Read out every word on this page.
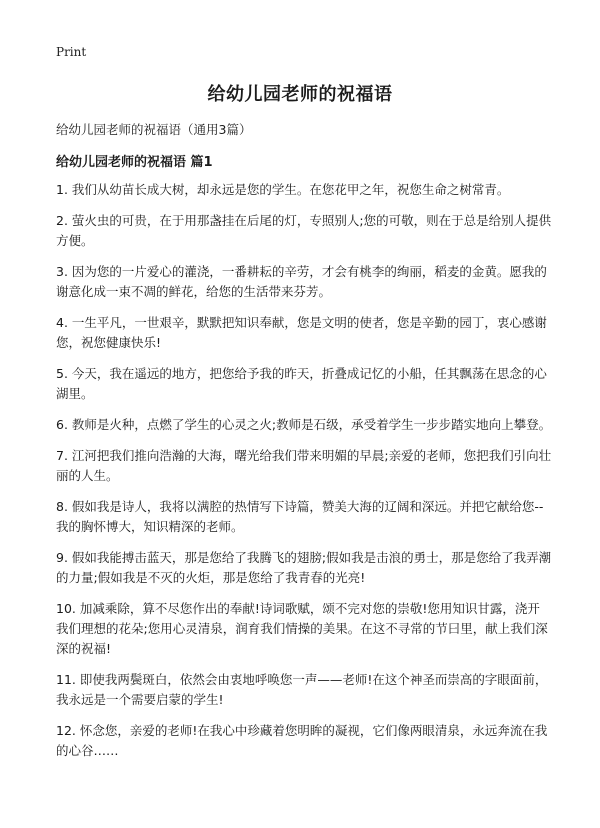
Print
给幼儿园老师的祝福语

给幼儿园老师的祝福语（通用3篇）

给幼儿园老师的祝福语 篇1
1. 我们从幼苗长成大树，却永远是您的学生。在您花甲之年，祝您生命之树常青。
2. 萤火虫的可贵，在于用那盏挂在后尾的灯，专照别人;您的可敬，则在于总是给别人提供方便。
3. 因为您的一片爱心的灌浇，一番耕耘的辛劳，才会有桃李的绚丽，稻麦的金黄。愿我的谢意化成一束不凋的鲜花，给您的生活带来芬芳。
4. 一生平凡，一世艰辛，默默把知识奉献，您是文明的使者，您是辛勤的园丁，衷心感谢您，祝您健康快乐!
5. 今天，我在遥远的地方，把您给予我的昨天，折叠成记忆的小船，任其飘荡在思念的心湖里。
6. 教师是火种，点燃了学生的心灵之火;教师是石级，承受着学生一步步踏实地向上攀登。
7. 江河把我们推向浩瀚的大海，曙光给我们带来明媚的早晨;亲爱的老师，您把我们引向壮丽的人生。
8. 假如我是诗人，我将以满腔的热情写下诗篇，赞美大海的辽阔和深远。并把它献给您--我的胸怀博大，知识精深的老师。
9. 假如我能搏击蓝天，那是您给了我腾飞的翅膀;假如我是击浪的勇士，那是您给了我弄潮的力量;假如我是不灭的火炬，那是您给了我青春的光亮!
10. 加减乘除，算不尽您作出的奉献!诗词歌赋，颂不完对您的崇敬!您用知识甘露，浇开我们理想的花朵;您用心灵清泉，润育我们情操的美果。在这不寻常的节曰里，献上我们深深的祝福!
11. 即使我两鬓斑白，依然会由衷地呼唤您一声——老师!在这个神圣而崇高的字眼面前，我永远是一个需要启蒙的学生!
12. 怀念您，亲爱的老师!在我心中珍藏着您明眸的凝视，它们像两眼清泉，永远奔流在我的心谷……
